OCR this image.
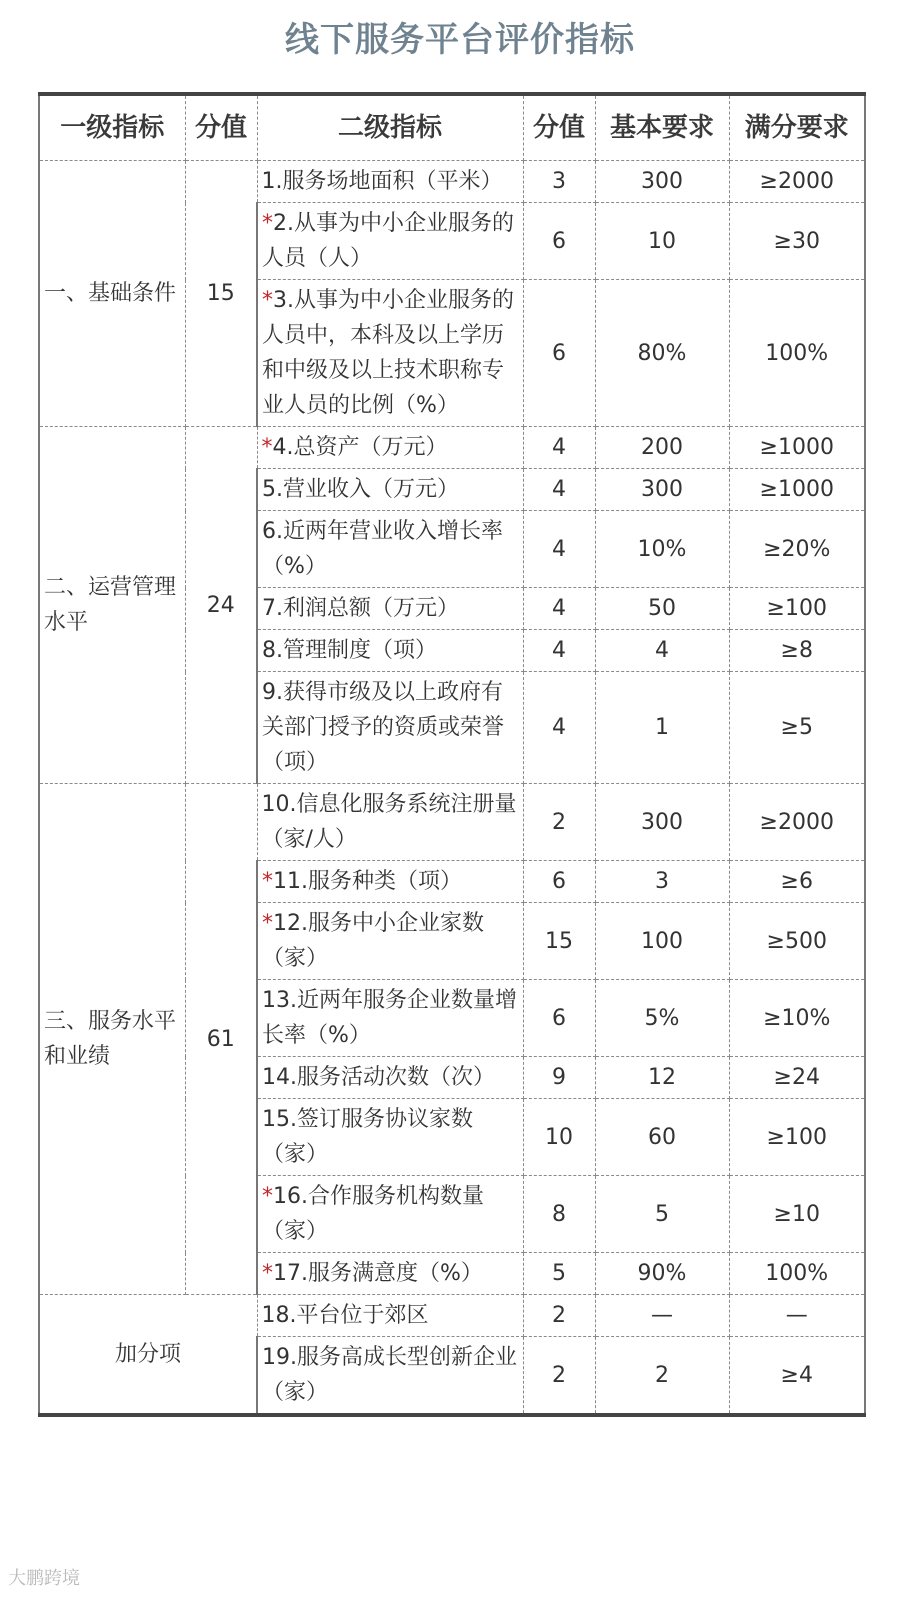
线下服务平台评价指标
一级指标	分值	二级指标	分值	基本要求	满分要求
一、基础条件	15	1.服务场地面积（平米）	3	300	≥2000
		*2.从事为中小企业服务的人员（人）	6	10	≥30
		*3.从事为中小企业服务的人员中，本科及以上学历和中级及以上技术职称专业人员的比例（%）	6	80%	100%
二、运营管理水平	24	*4.总资产（万元）	4	200	≥1000
		5.营业收入（万元）	4	300	≥1000
		6.近两年营业收入增长率（%）	4	10%	≥20%
		7.利润总额（万元）	4	50	≥100
		8.管理制度（项）	4	4	≥8
		9.获得市级及以上政府有关部门授予的资质或荣誉（项）	4	1	≥5
三、服务水平和业绩	61	10.信息化服务系统注册量（家/人）	2	300	≥2000
		*11.服务种类（项）	6	3	≥6
		*12.服务中小企业家数（家）	15	100	≥500
		13.近两年服务企业数量增长率（%）	6	5%	≥10%
		14.服务活动次数（次）	9	12	≥24
		15.签订服务协议家数（家）	10	60	≥100
		*16.合作服务机构数量（家）	8	5	≥10
		*17.服务满意度（%）	5	90%	100%
加分项		18.平台位于郊区	2	—	—
		19.服务高成长型创新企业（家）	2	2	≥4
大鹏跨境
